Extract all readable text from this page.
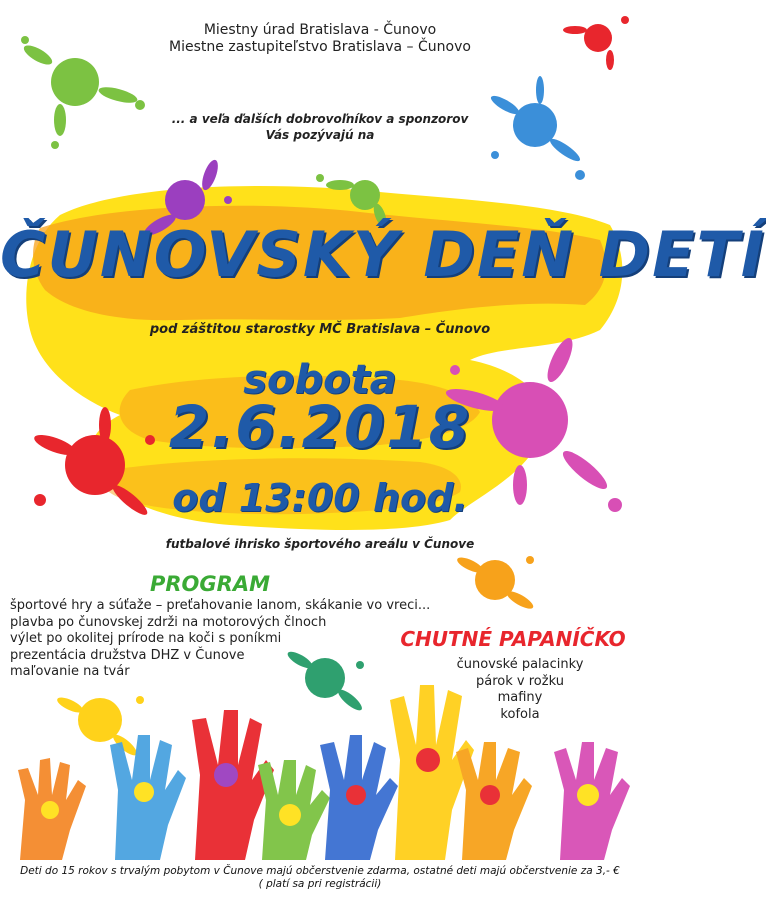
Miestny úrad Bratislava - Čunovo
Miestne zastupiteľstvo Bratislava – Čunovo
... a veľa ďalších dobrovoľníkov a sponzorov
Vás pozývajú na
ČUNOVSKÝ DEŇ DETÍ
pod záštitou starostky MČ Bratislava – Čunovo
sobota
2.6.2018
od 13:00 hod.
futbalové ihrisko športového areálu v Čunove
PROGRAM
športové hry a súťaže – preťahovanie lanom, skákanie vo vreci...
plavba po čunovskej zdrži na motorových člnoch
výlet po okolitej prírode na koči s poníkmi
prezentácia družstva DHZ v Čunove
maľovanie na tvár
CHUTNÉ PAPANÍČKO
čunovské palacinky
párok v rožku
mafiny
kofola
Deti do 15 rokov s trvalým pobytom v Čunove majú občerstvenie zdarma, ostatné deti majú občerstvenie za 3,- €
( platí sa pri registrácii)
